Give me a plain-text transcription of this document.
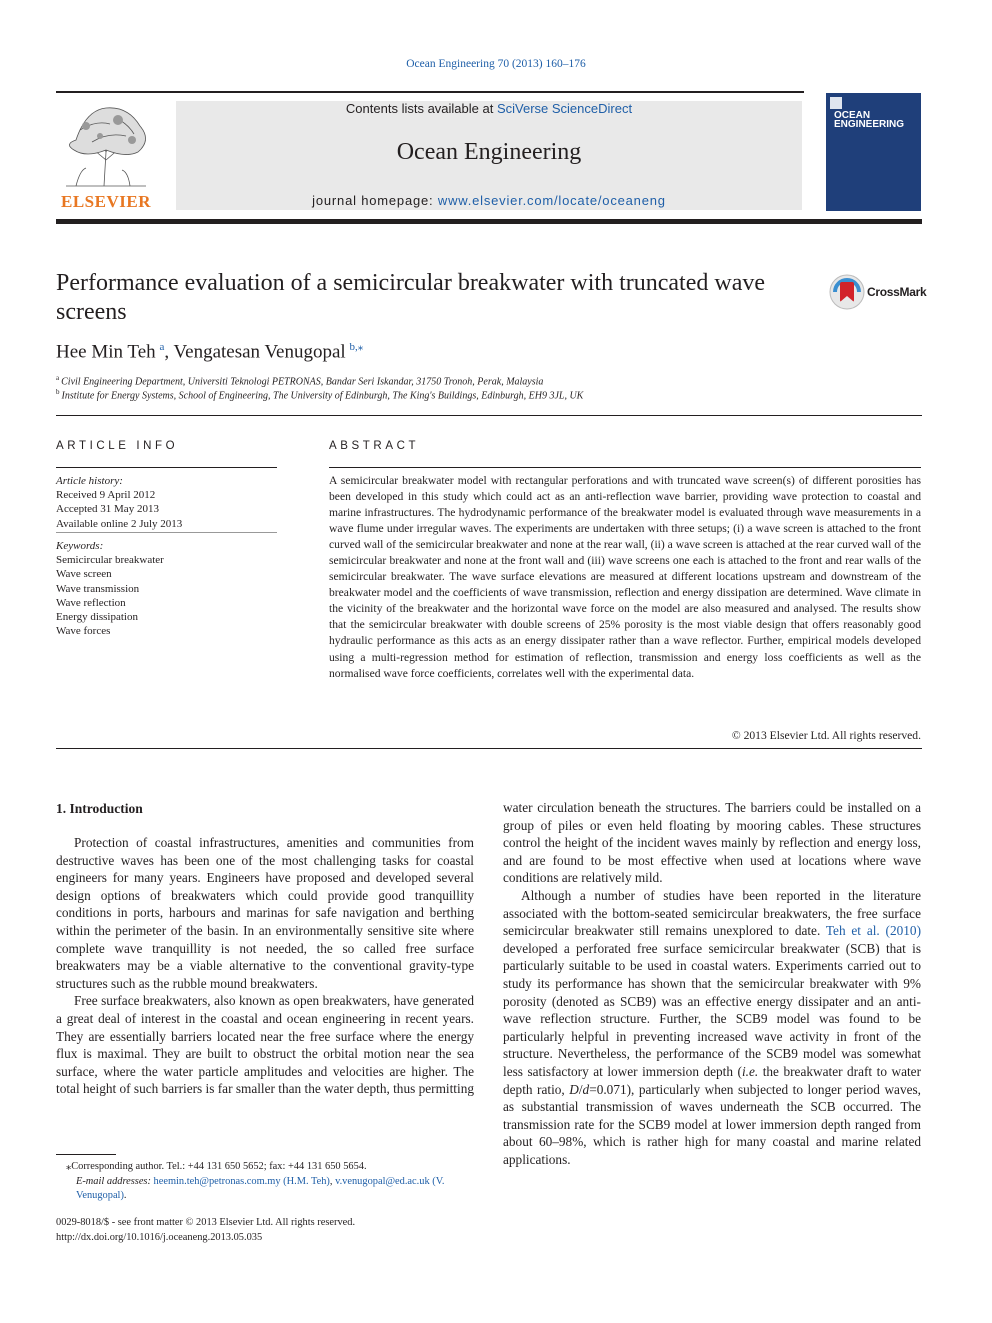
Ocean Engineering 70 (2013) 160–176
ELSEVIER
Contents lists available at SciVerse ScienceDirect
Ocean Engineering
journal homepage: www.elsevier.com/locate/oceaneng
OCEAN ENGINEERING
Performance evaluation of a semicircular breakwater with truncated wave screens
CrossMark
Hee Min Teh  $^a$, Vengatesan Venugopal  $^{b,⁎}$
$^a$  Civil Engineering Department, Universiti Teknologi PETRONAS, Bandar Seri Iskandar, 31750 Tronoh, Perak, Malaysia
$^b$  Institute for Energy Systems, School of Engineering, The University of Edinburgh, The King's Buildings, Edinburgh, EH9 3JL, UK
ARTICLE INFO
Article history:
Received 9 April 2012
Accepted 31 May 2013
Available online 2 July 2013
Keywords:
Semicircular breakwater
Wave screen
Wave transmission
Wave reflection
Energy dissipation
Wave forces
ABSTRACT
A semicircular breakwater model with rectangular perforations and with truncated wave screen(s) of different porosities has been developed in this study which could act as an anti-reflection wave barrier, providing wave protection to coastal and marine infrastructures. The hydrodynamic performance of the breakwater model is evaluated through wave measurements in a wave flume under irregular waves. The experiments are undertaken with three setups; (i) a wave screen is attached to the front curved wall of the semicircular breakwater and none at the rear wall, (ii) a wave screen is attached at the rear curved wall of the semicircular breakwater and none at the front wall and (iii) wave screens one each is attached to the front and rear walls of the semicircular breakwater. The wave surface elevations are measured at different locations upstream and downstream of the breakwater model and the coefficients of wave transmission, reflection and energy dissipation are determined. Wave climate in the vicinity of the breakwater and the horizontal wave force on the model are also measured and analysed. The results show that the semicircular breakwater with double screens of 25% porosity is the most viable design that offers reasonably good hydraulic performance as this acts as an energy dissipater rather than a wave reflector. Further, empirical models developed using a multi-regression method for estimation of reflection, transmission and energy loss coefficients as well as the normalised wave force coefficients, correlates well with the experimental data.
© 2013 Elsevier Ltd. All rights reserved.
1. Introduction

Protection of coastal infrastructures, amenities and communities from destructive waves has been one of the most challenging tasks for coastal engineers for many years. Engineers have proposed and developed several design options of breakwaters which could provide good tranquillity conditions in ports, harbours and marinas for safe navigation and berthing within the perimeter of the basin. In an environmentally sensitive site where complete wave tranquillity is not needed, the so called free surface breakwaters may be a viable alternative to the conventional gravity-type structures such as the rubble mound breakwaters.

Free surface breakwaters, also known as open breakwaters, have generated a great deal of interest in the coastal and ocean engineering in recent years. They are essentially barriers located near the free surface where the energy flux is maximal. They are built to obstruct the orbital motion near the sea surface, where the water particle amplitudes and velocities are higher. The total height of such barriers is far smaller than the water depth, thus permitting

water circulation beneath the structures. The barriers could be installed on a group of piles or even held floating by mooring cables. These structures control the height of the incident waves mainly by reflection and energy loss, and are found to be most effective when used at locations where wave conditions are relatively mild.

Although a number of studies have been reported in the literature associated with the bottom-seated semicircular breakwaters, the free surface semicircular breakwater still remains unexplored to date. Teh et al. (2010) developed a perforated free surface semicircular breakwater (SCB) that is particularly suitable to be used in coastal waters. Experiments carried out to study its performance has shown that the semicircular breakwater with 9% porosity (denoted as SCB9) was an effective energy dissipater and an anti-wave reflection structure. Further, the SCB9 model was found to be particularly helpful in preventing increased wave activity in front of the structure. Nevertheless, the performance of the SCB9 model was somewhat less satisfactory at lower immersion depth (i.e. the breakwater draft to water depth ratio, D/d=0.071), particularly when subjected to longer period waves, as substantial transmission of waves underneath the SCB occurred. The transmission rate for the SCB9 model at lower immersion depth ranged from about 60–98%, which is rather high for many coastal and marine related applications.

⁎Corresponding author. Tel.: +44 131 650 5652; fax: +44 131 650 5654.
E-mail addresses: heemin.teh@petronas.com.my (H.M. Teh), v.venugopal@ed.ac.uk (V. Venugopal).
0029-8018/$ - see front matter © 2013 Elsevier Ltd. All rights reserved.
http://dx.doi.org/10.1016/j.oceaneng.2013.05.035
